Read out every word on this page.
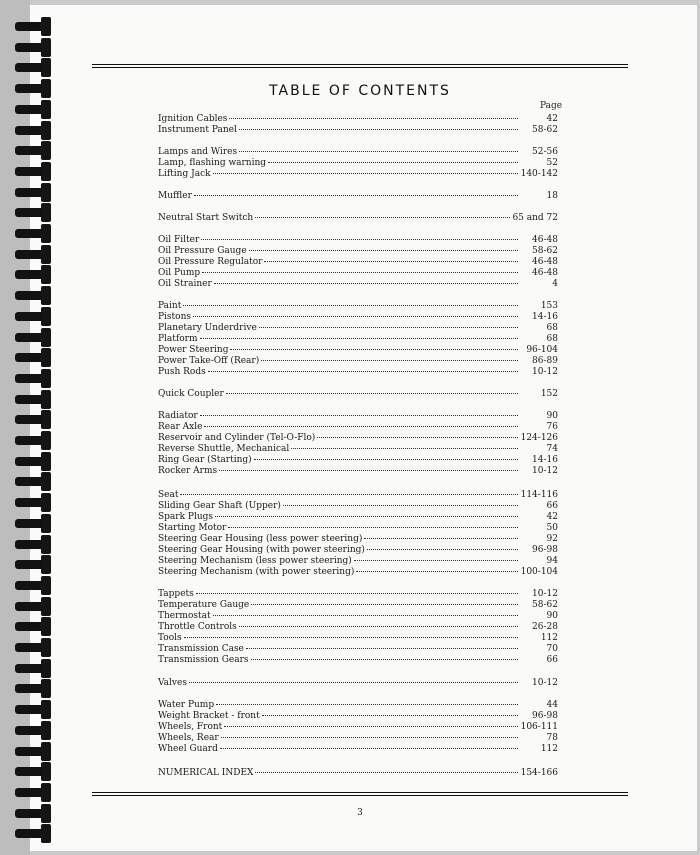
TABLE OF CONTENTS
Page
Ignition Cables	42
Instrument Panel	58-62
Lamps and Wires	52-56
Lamp, flashing warning	52
Lifting Jack	140-142
Muffler	18
Neutral Start Switch	65 and 72
Oil Filter	46-48
Oil Pressure Gauge	58-62
Oil Pressure Regulator	46-48
Oil Pump	46-48
Oil Strainer	4
Paint	153
Pistons	14-16
Planetary Underdrive	68
Platform	68
Power Steering	96-104
Power Take-Off (Rear)	86-89
Push Rods	10-12
Quick Coupler	152
Radiator	90
Rear Axle	76
Reservoir and Cylinder (Tel-O-Flo)	124-126
Reverse Shuttle, Mechanical	74
Ring Gear (Starting)	14-16
Rocker Arms	10-12
Seat	114-116
Sliding Gear Shaft (Upper)	66
Spark Plugs	42
Starting Motor	50
Steering Gear Housing (less power steering)	92
Steering Gear Housing (with power steering)	96-98
Steering Mechanism (less power steering)	94
Steering Mechanism (with power steering)	100-104
Tappets	10-12
Temperature Gauge	58-62
Thermostat	90
Throttle Controls	26-28
Tools	112
Transmission Case	70
Transmission Gears	66
Valves	10-12
Water Pump	44
Weight Bracket - front	96-98
Wheels, Front	106-111
Wheels, Rear	78
Wheel Guard	112
NUMERICAL INDEX	154-166
3
